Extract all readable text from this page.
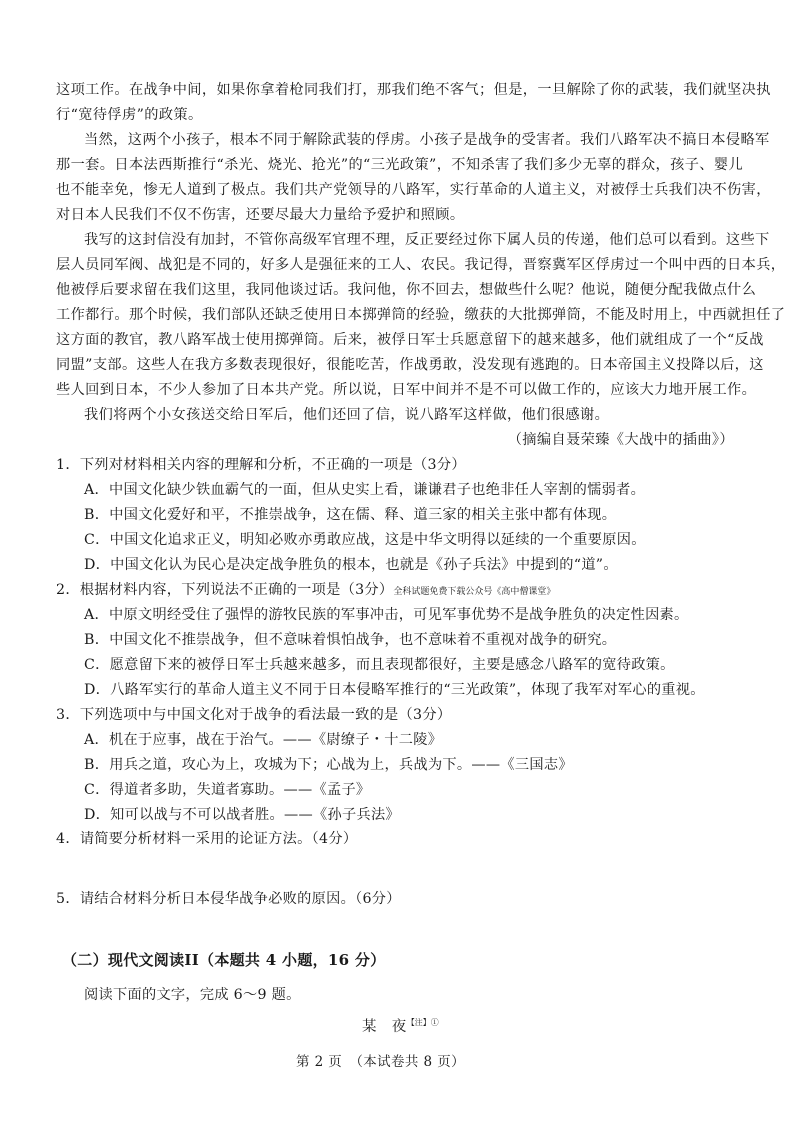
这项工作。在战争中间，如果你拿着枪同我们打，那我们绝不客气；但是，一旦解除了你的武装，我们就坚决执
行“宽待俘虏”的政策。
当然，这两个小孩子，根本不同于解除武装的俘虏。小孩子是战争的受害者。我们八路军决不搞日本侵略军
那一套。日本法西斯推行“杀光、烧光、抢光”的“三光政策”，不知杀害了我们多少无辜的群众，孩子、婴儿
也不能幸免，惨无人道到了极点。我们共产党领导的八路军，实行革命的人道主义，对被俘士兵我们决不伤害，
对日本人民我们不仅不伤害，还要尽最大力量给予爱护和照顾。
我写的这封信没有加封，不管你高级军官理不理，反正要经过你下属人员的传递，他们总可以看到。这些下
层人员同军阀、战犯是不同的，好多人是强征来的工人、农民。我记得，晋察冀军区俘虏过一个叫中西的日本兵，
他被俘后要求留在我们这里，我同他谈过话。我问他，你不回去，想做些什么呢？他说，随便分配我做点什么
工作都行。那个时候，我们部队还缺乏使用日本掷弹筒的经验，缴获的大批掷弹筒，不能及时用上，中西就担任了
这方面的教官，教八路军战士使用掷弹筒。后来，被俘日军士兵愿意留下的越来越多，他们就组成了一个“反战
同盟”支部。这些人在我方多数表现很好，很能吃苦，作战勇敢，没发现有逃跑的。日本帝国主义投降以后，这
些人回到日本，不少人参加了日本共产党。所以说，日军中间并不是不可以做工作的，应该大力地开展工作。
我们将两个小女孩送交给日军后，他们还回了信，说八路军这样做，他们很感谢。
（摘编自聂荣臻《大战中的插曲》）
1．下列对材料相关内容的理解和分析，不正确的一项是（3分）
A．中国文化缺少铁血霸气的一面，但从史实上看，谦谦君子也绝非任人宰割的懦弱者。
B．中国文化爱好和平，不推崇战争，这在儒、释、道三家的相关主张中都有体现。
C．中国文化追求正义，明知必败亦勇敢应战，这是中华文明得以延续的一个重要原因。
D．中国文化认为民心是决定战争胜负的根本，也就是《孙子兵法》中提到的“道”。
2．根据材料内容，下列说法不正确的一项是（3分）全科试题免费下载公众号《高中僧课堂》
A．中原文明经受住了强悍的游牧民族的军事冲击，可见军事优势不是战争胜负的决定性因素。
B．中国文化不推崇战争，但不意味着惧怕战争，也不意味着不重视对战争的研究。
C．愿意留下来的被俘日军士兵越来越多，而且表现都很好，主要是感念八路军的宽待政策。
D．八路军实行的革命人道主义不同于日本侵略军推行的“三光政策”，体现了我军对军心的重视。
3．下列选项中与中国文化对于战争的看法最一致的是（3分）
A．机在于应事，战在于治气。——《尉缭子・十二陵》
B．用兵之道，攻心为上，攻城为下；心战为上，兵战为下。——《三国志》
C．得道者多助，失道者寡助。——《孟子》
D．知可以战与不可以战者胜。——《孙子兵法》
4．请简要分析材料一采用的论证方法。（4分）
5．请结合材料分析日本侵华战争必败的原因。（6分）
（二）现代文阅读II（本题共 4 小题，16 分）
阅读下面的文字，完成 6～9 题。
某　夜$^{【注】①}$
第 2 页　（本试卷共 8 页）
